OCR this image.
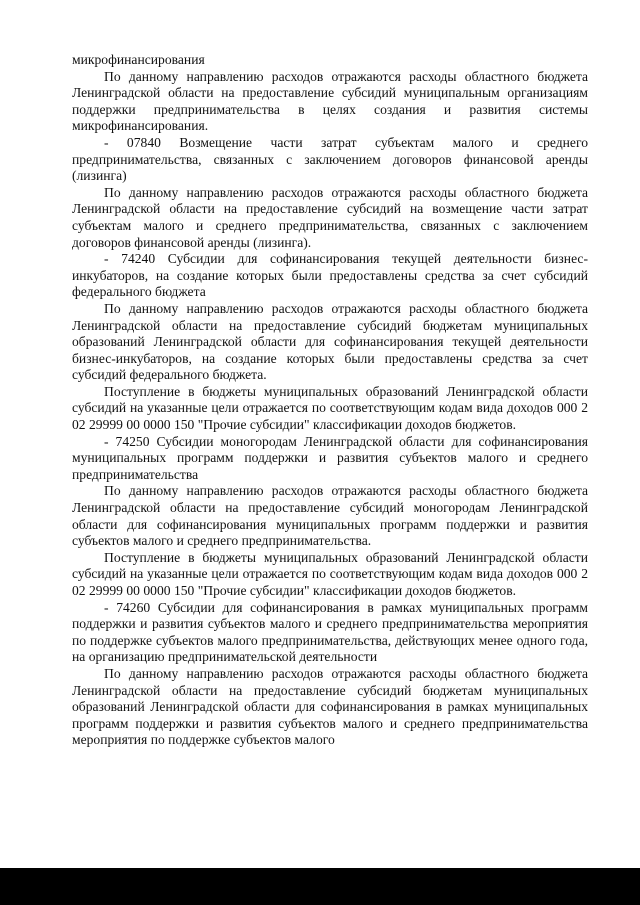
микрофинансирования

По данному направлению расходов отражаются расходы областного бюджета Ленинградской области на предоставление субсидий муниципальным организациям поддержки предпринимательства в целях создания и развития системы микрофинансирования.

- 07840 Возмещение части затрат субъектам малого и среднего предпринимательства, связанных с заключением договоров финансовой аренды (лизинга)

По данному направлению расходов отражаются расходы областного бюджета Ленинградской области на предоставление субсидий на возмещение части затрат субъектам малого и среднего предпринимательства, связанных с заключением договоров финансовой аренды (лизинга).

- 74240 Субсидии для софинансирования текущей деятельности бизнес-инкубаторов, на создание которых были предоставлены средства за счет субсидий федерального бюджета

По данному направлению расходов отражаются расходы областного бюджета Ленинградской области на предоставление субсидий бюджетам муниципальных образований Ленинградской области для софинансирования текущей деятельности бизнес-инкубаторов, на создание которых были предоставлены средства за счет субсидий федерального бюджета.

Поступление в бюджеты муниципальных образований Ленинградской области субсидий на указанные цели отражается по соответствующим кодам вида доходов 000 2 02 29999 00 0000 150 "Прочие субсидии" классификации доходов бюджетов.

- 74250 Субсидии моногородам Ленинградской области для софинансирования муниципальных программ поддержки и развития субъектов малого и среднего предпринимательства

По данному направлению расходов отражаются расходы областного бюджета Ленинградской области на предоставление субсидий моногородам Ленинградской области для софинансирования муниципальных программ поддержки и развития субъектов малого и среднего предпринимательства.

Поступление в бюджеты муниципальных образований Ленинградской области субсидий на указанные цели отражается по соответствующим кодам вида доходов 000 2 02 29999 00 0000 150 "Прочие субсидии" классификации доходов бюджетов.

- 74260 Субсидии для софинансирования в рамках муниципальных программ поддержки и развития субъектов малого и среднего предпринимательства мероприятия по поддержке субъектов малого предпринимательства, действующих менее одного года, на организацию предпринимательской деятельности

По данному направлению расходов отражаются расходы областного бюджета Ленинградской области на предоставление субсидий бюджетам муниципальных образований Ленинградской области для софинансирования в рамках муниципальных программ поддержки и развития субъектов малого и среднего предпринимательства мероприятия по поддержке субъектов малого
